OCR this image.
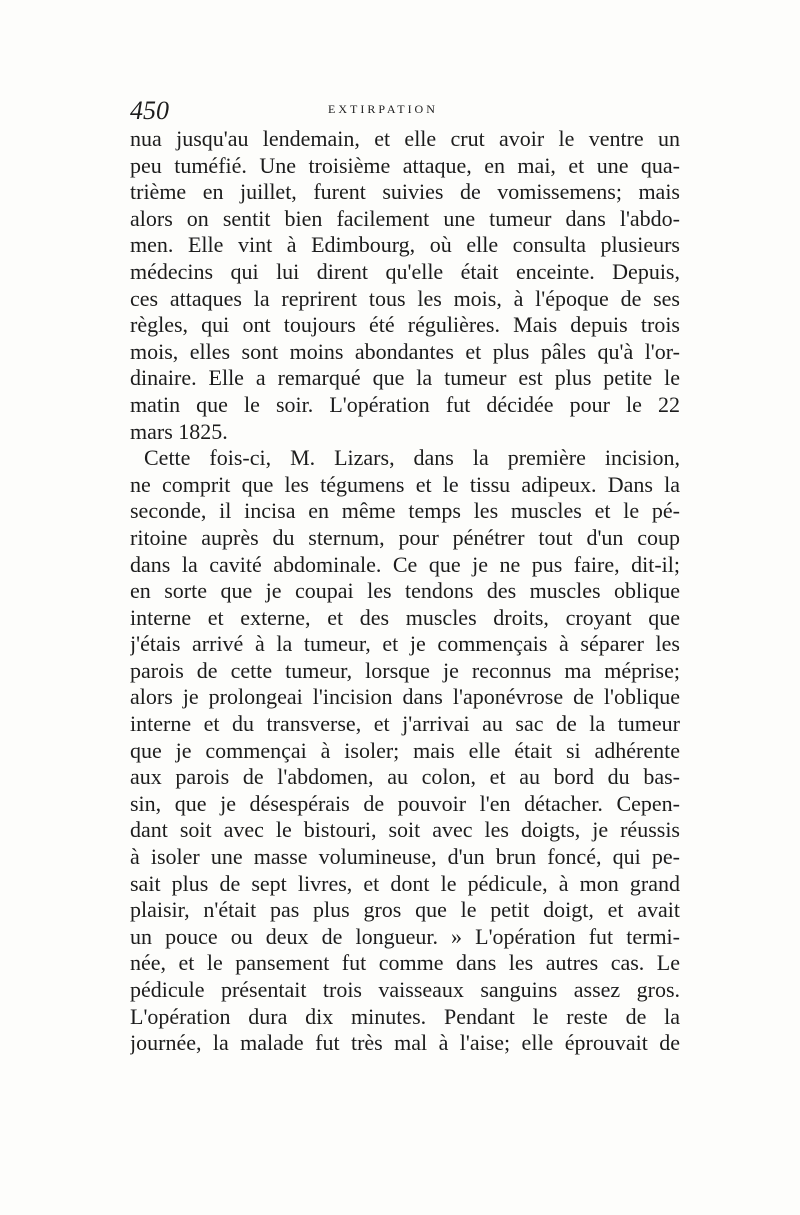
450	EXTIRPATION
nua jusqu'au lendemain, et elle crut avoir le ventre un
peu tuméfié. Une troisième attaque, en mai, et une qua-
trième en juillet, furent suivies de vomissemens; mais
alors on sentit bien facilement une tumeur dans l'abdo-
men. Elle vint à Edimbourg, où elle consulta plusieurs
médecins qui lui dirent qu'elle était enceinte. Depuis,
ces attaques la reprirent tous les mois, à l'époque de ses
règles, qui ont toujours été régulières. Mais depuis trois
mois, elles sont moins abondantes et plus pâles qu'à l'or-
dinaire. Elle a remarqué que la tumeur est plus petite le
matin que le soir. L'opération fut décidée pour le 22
mars 1825.
Cette fois-ci, M. Lizars, dans la première incision,
ne comprit que les tégumens et le tissu adipeux. Dans la
seconde, il incisa en même temps les muscles et le pé-
ritoine auprès du sternum, pour pénétrer tout d'un coup
dans la cavité abdominale. Ce que je ne pus faire, dit-il;
en sorte que je coupai les tendons des muscles oblique
interne et externe, et des muscles droits, croyant que
j'étais arrivé à la tumeur, et je commençais à séparer les
parois de cette tumeur, lorsque je reconnus ma méprise;
alors je prolongeai l'incision dans l'aponévrose de l'oblique
interne et du transverse, et j'arrivai au sac de la tumeur
que je commençai à isoler; mais elle était si adhérente
aux parois de l'abdomen, au colon, et au bord du bas-
sin, que je désespérais de pouvoir l'en détacher. Cepen-
dant soit avec le bistouri, soit avec les doigts, je réussis
à isoler une masse volumineuse, d'un brun foncé, qui pe-
sait plus de sept livres, et dont le pédicule, à mon grand
plaisir, n'était pas plus gros que le petit doigt, et avait
un pouce ou deux de longueur. » L'opération fut termi-
née, et le pansement fut comme dans les autres cas. Le
pédicule présentait trois vaisseaux sanguins assez gros.
L'opération dura dix minutes. Pendant le reste de la
journée, la malade fut très mal à l'aise; elle éprouvait de
